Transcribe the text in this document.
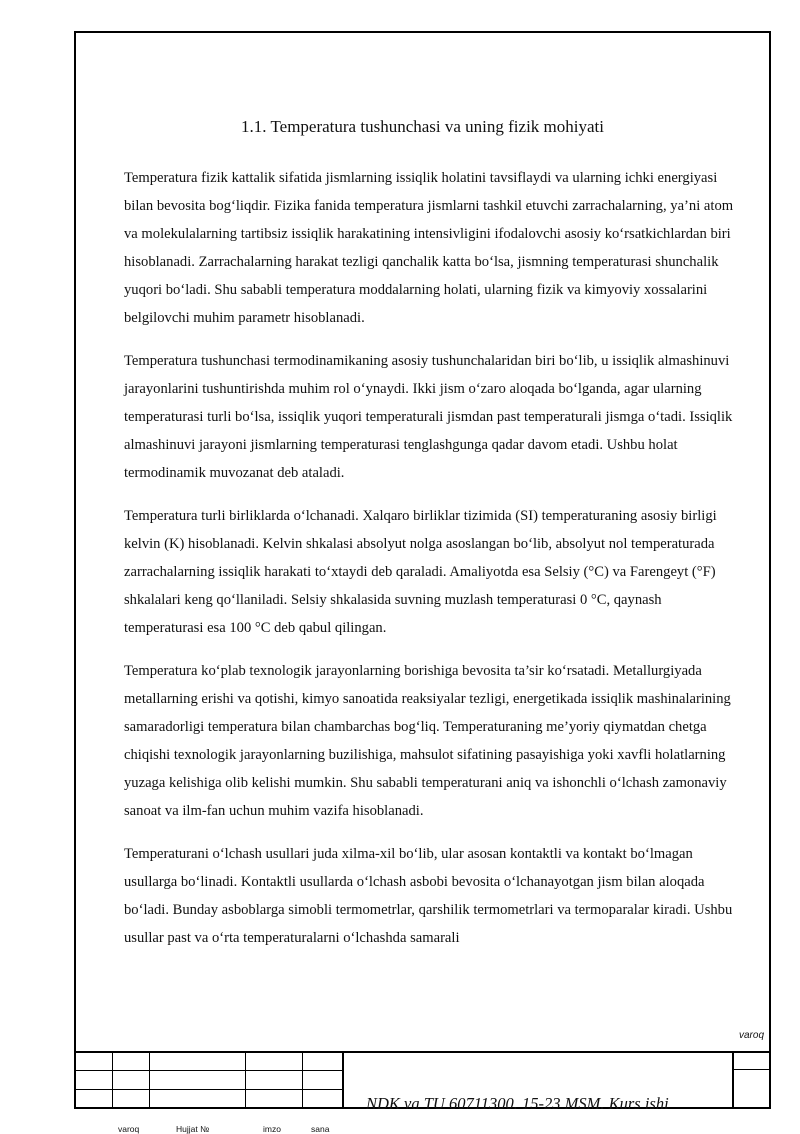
1.1. Temperatura tushunchasi va uning fizik mohiyati

Temperatura fizik kattalik sifatida jismlarning issiqlik holatini tavsiflaydi va ularning ichki energiyasi bilan bevosita bog‘liqdir. Fizika fanida temperatura jismlarni tashkil etuvchi zarrachalarning, ya’ni atom va molekulalarning tartibsiz issiqlik harakatining intensivligini ifodalovchi asosiy ko‘rsatkichlardan biri hisoblanadi. Zarrachalarning harakat tezligi qanchalik katta bo‘lsa, jismning temperaturasi shunchalik yuqori bo‘ladi. Shu sababli temperatura moddalarning holati, ularning fizik va kimyoviy xossalarini belgilovchi muhim parametr hisoblanadi.

Temperatura tushunchasi termodinamikaning asosiy tushunchalaridan biri bo‘lib, u issiqlik almashinuvi jarayonlarini tushuntirishda muhim rol o‘ynaydi. Ikki jism o‘zaro aloqada bo‘lganda, agar ularning temperaturasi turli bo‘lsa, issiqlik yuqori temperaturali jismdan past temperaturali jismga o‘tadi. Issiqlik almashinuvi jarayoni jismlarning temperaturasi tenglashgunga qadar davom etadi. Ushbu holat termodinamik muvozanat deb ataladi.

Temperatura turli birliklarda o‘lchanadi. Xalqaro birliklar tizimida (SI) temperaturaning asosiy birligi kelvin (K) hisoblanadi. Kelvin shkalasi absolyut nolga asoslangan bo‘lib, absolyut nol temperaturada zarrachalarning issiqlik harakati to‘xtaydi deb qaraladi. Amaliyotda esa Selsiy (°C) va Farengeyt (°F) shkalalari keng qo‘llaniladi. Selsiy shkalasida suvning muzlash temperaturasi 0 °C, qaynash temperaturasi esa 100 °C deb qabul qilingan.

Temperatura ko‘plab texnologik jarayonlarning borishiga bevosita ta’sir ko‘rsatadi. Metallurgiyada metallarning erishi va qotishi, kimyo sanoatida reaksiyalar tezligi, energetikada issiqlik mashinalarining samaradorligi temperatura bilan chambarchas bog‘liq. Temperaturaning me’yoriy qiymatdan chetga chiqishi texnologik jarayonlarning buzilishiga, mahsulot sifatining pasayishiga yoki xavfli holatlarning yuzaga kelishiga olib kelishi mumkin. Shu sababli temperaturani aniq va ishonchli o‘lchash zamonaviy sanoat va ilm-fan uchun muhim vazifa hisoblanadi.

Temperaturani o‘lchash usullari juda xilma-xil bo‘lib, ular asosan kontaktli va kontakt bo‘lmagan usullarga bo‘linadi. Kontaktli usullarda o‘lchash asbobi bevosita o‘lchanayotgan jism bilan aloqada bo‘ladi. Bunday asboblarga simobli termometrlar, qarshilik termometrlari va termoparalar kiradi. Ushbu usullar past va o‘rta temperaturalarni o‘lchashda samarali

varoq
NDK va TU 60711300. 15-23 MSM. Kurs ishi
varoq	Hujjat №	imzo	sana
